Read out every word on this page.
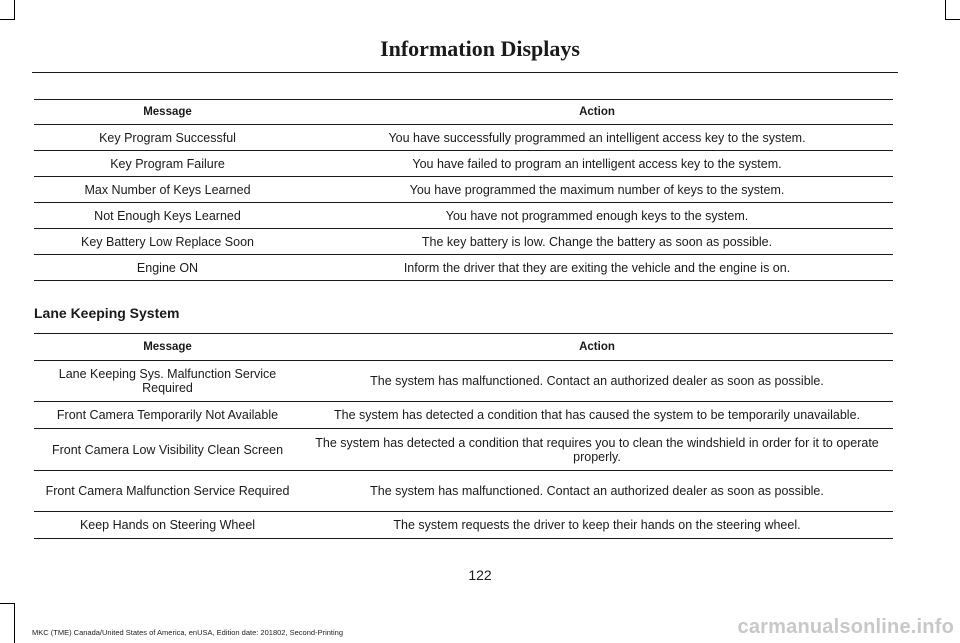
Information Displays
Message	Action
Key Program Successful	You have successfully programmed an intelligent access key to the system.
Key Program Failure	You have failed to program an intelligent access key to the system.
Max Number of Keys Learned	You have programmed the maximum number of keys to the system.
Not Enough Keys Learned	You have not programmed enough keys to the system.
Key Battery Low Replace Soon	The key battery is low. Change the battery as soon as possible.
Engine ON	Inform the driver that they are exiting the vehicle and the engine is on.
Lane Keeping System
Message	Action
Lane Keeping Sys. Malfunction Service Required	The system has malfunctioned. Contact an authorized dealer as soon as possible.
Front Camera Temporarily Not Available	The system has detected a condition that has caused the system to be temporarily unavailable.
Front Camera Low Visibility Clean Screen	The system has detected a condition that requires you to clean the windshield in order for it to operate properly.
Front Camera Malfunction Service Required	The system has malfunctioned. Contact an authorized dealer as soon as possible.
Keep Hands on Steering Wheel	The system requests the driver to keep their hands on the steering wheel.
122
MKC (TME) Canada/United States of America, enUSA, Edition date: 201802, Second-Printing	carmanualsonline.info
